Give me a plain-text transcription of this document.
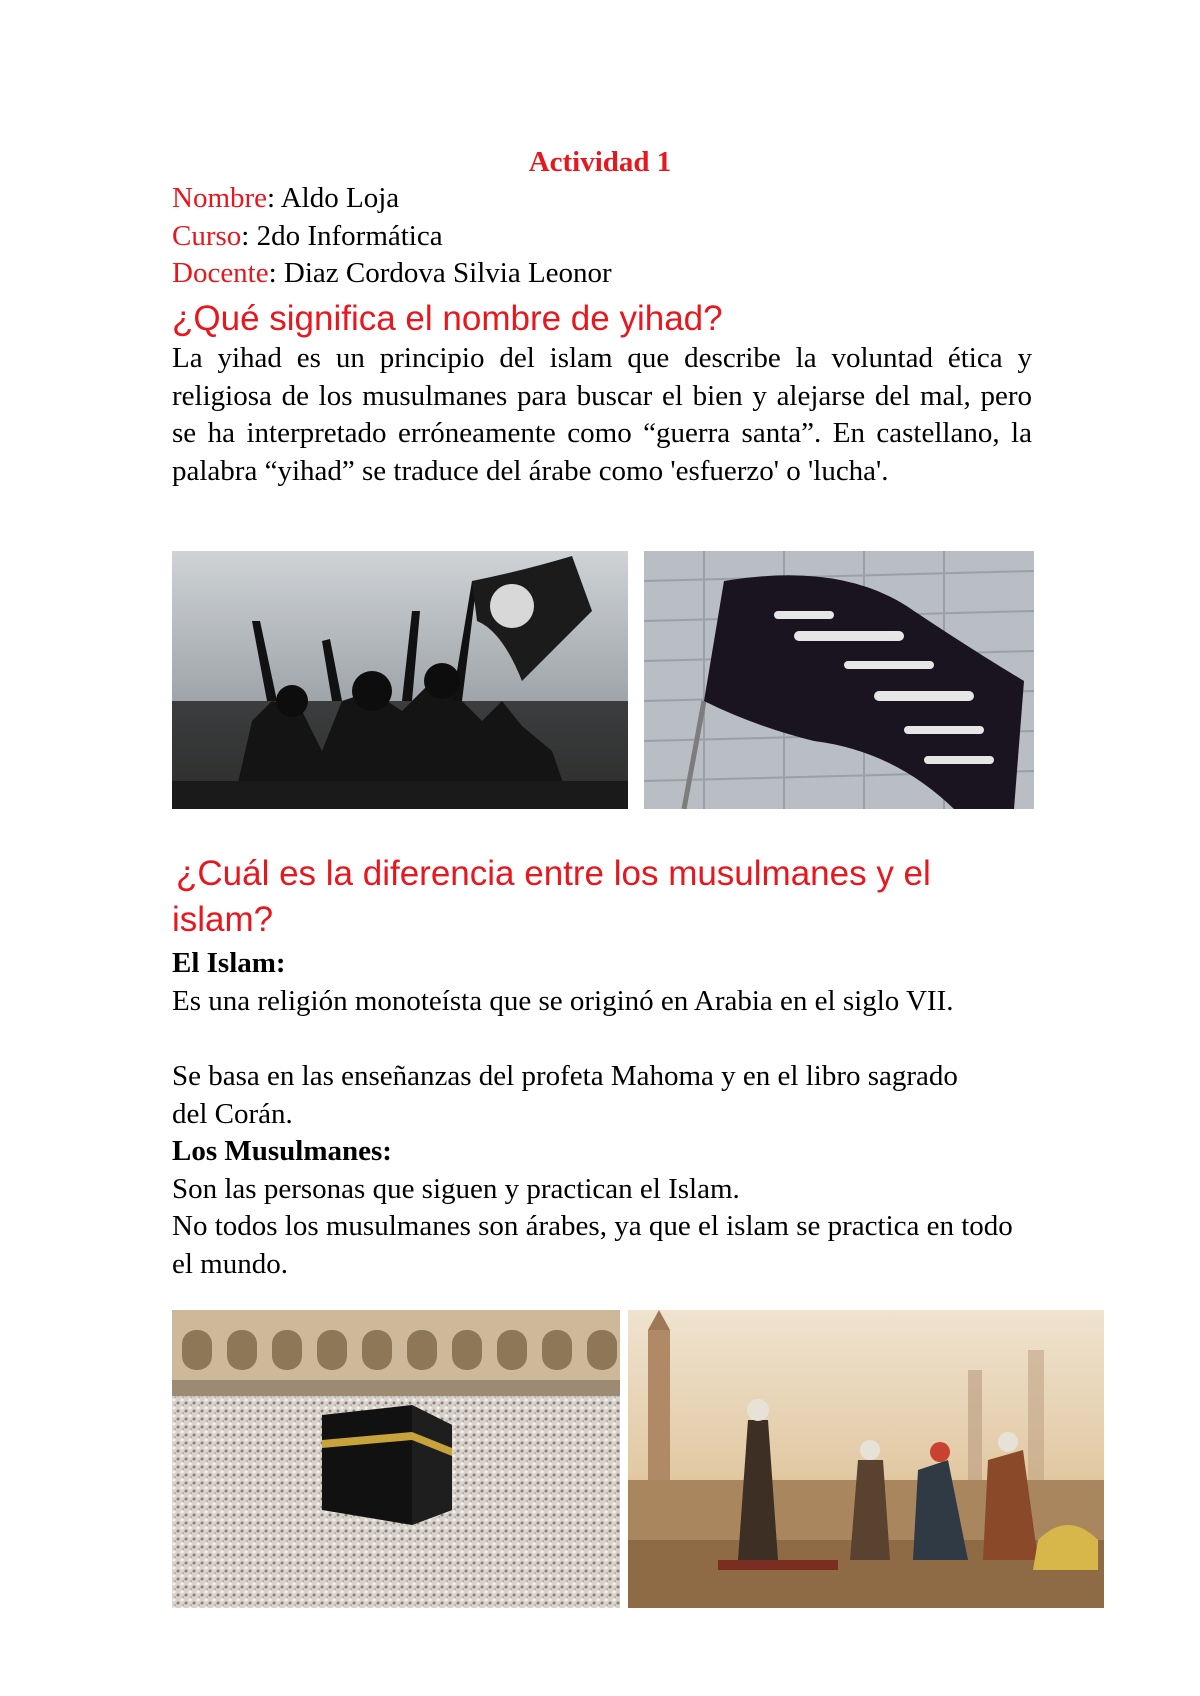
Actividad 1
Nombre: Aldo Loja
Curso: 2do Informática
Docente: Diaz Cordova Silvia Leonor
¿Qué significa el nombre de yihad?
La yihad es un principio del islam que describe la voluntad ética y religiosa de los musulmanes para buscar el bien y alejarse del mal, pero se ha interpretado erróneamente como “guerra santa”. En castellano, la palabra “yihad” se traduce del árabe como 'esfuerzo' o 'lucha'.
¿Cuál es la diferencia entre los musulmanes y el
islam?
El Islam:
Es una religión monoteísta que se originó en Arabia en el siglo VII.
Se basa en las enseñanzas del profeta Mahoma y en el libro sagrado del Corán.
Los Musulmanes:
Son las personas que siguen y practican el Islam.
No todos los musulmanes son árabes, ya que el islam se practica en todo el mundo.
